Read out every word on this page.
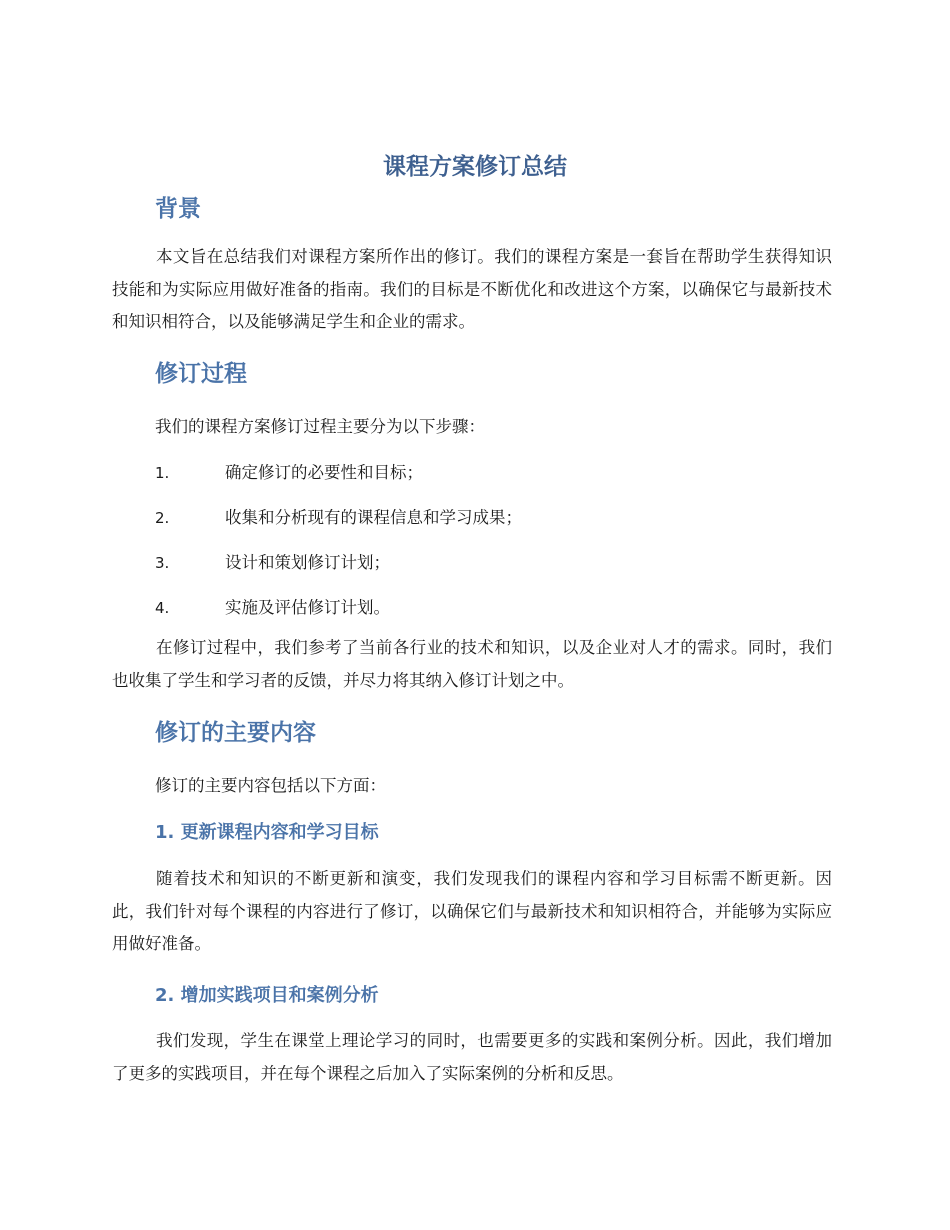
课程方案修订总结
背景
本文旨在总结我们对课程方案所作出的修订。我们的课程方案是一套旨在帮助学生获得知识技能和为实际应用做好准备的指南。我们的目标是不断优化和改进这个方案，以确保它与最新技术和知识相符合，以及能够满足学生和企业的需求。
修订过程
我们的课程方案修订过程主要分为以下步骤：
1.	确定修订的必要性和目标；
2.	收集和分析现有的课程信息和学习成果；
3.	设计和策划修订计划；
4.	实施及评估修订计划。
在修订过程中，我们参考了当前各行业的技术和知识，以及企业对人才的需求。同时，我们也收集了学生和学习者的反馈，并尽力将其纳入修订计划之中。
修订的主要内容
修订的主要内容包括以下方面：
1. 更新课程内容和学习目标
随着技术和知识的不断更新和演变，我们发现我们的课程内容和学习目标需不断更新。因此，我们针对每个课程的内容进行了修订，以确保它们与最新技术和知识相符合，并能够为实际应用做好准备。
2. 增加实践项目和案例分析
我们发现，学生在课堂上理论学习的同时，也需要更多的实践和案例分析。因此，我们增加了更多的实践项目，并在每个课程之后加入了实际案例的分析和反思。
